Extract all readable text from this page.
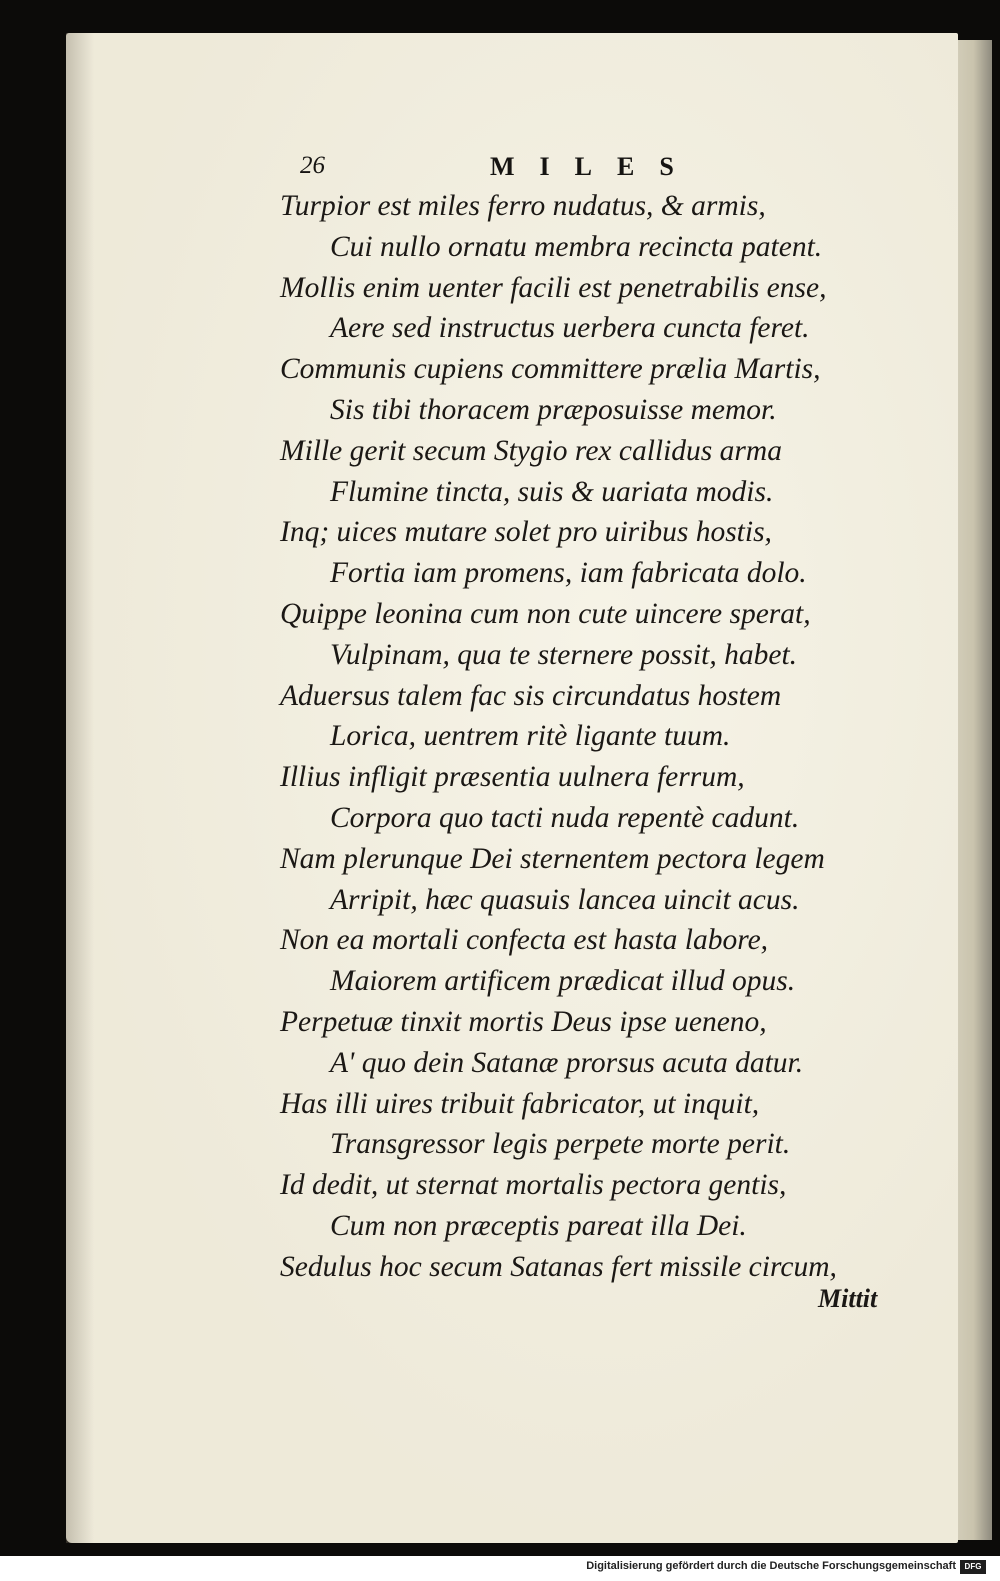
26	MILES
Turpior est miles ferro nudatus, & armis,
Cui nullo ornatu membra recincta patent.
Mollis enim uenter facili est penetrabilis ense,
Aere sed instructus uerbera cuncta feret.
Communis cupiens committere prælia Martis,
Sis tibi thoracem præposuisse memor.
Mille gerit secum Stygio rex callidus arma
Flumine tincta, suis & uariata modis.
Inq; uices mutare solet pro uiribus hostis,
Fortia iam promens, iam fabricata dolo.
Quippe leonina cum non cute uincere sperat,
Vulpinam, qua te sternere possit, habet.
Aduersus talem fac sis circundatus hostem
Lorica, uentrem ritè ligante tuum.
Illius infligit præsentia uulnera ferrum,
Corpora quo tacti nuda repentè cadunt.
Nam plerunque Dei sternentem pectora legem
Arripit, hæc quasuis lancea uincit acus.
Non ea mortali confecta est hasta labore,
Maiorem artificem prædicat illud opus.
Perpetuæ tinxit mortis Deus ipse ueneno,
A' quo dein Satanæ prorsus acuta datur.
Has illi uires tribuit fabricator, ut inquit,
Transgressor legis perpete morte perit.
Id dedit, ut sternat mortalis pectora gentis,
Cum non præceptis pareat illa Dei.
Sedulus hoc secum Satanas fert missile circum,
Mittit
Digitalisierung gefördert durch die Deutsche Forschungsgemeinschaft	DFG
